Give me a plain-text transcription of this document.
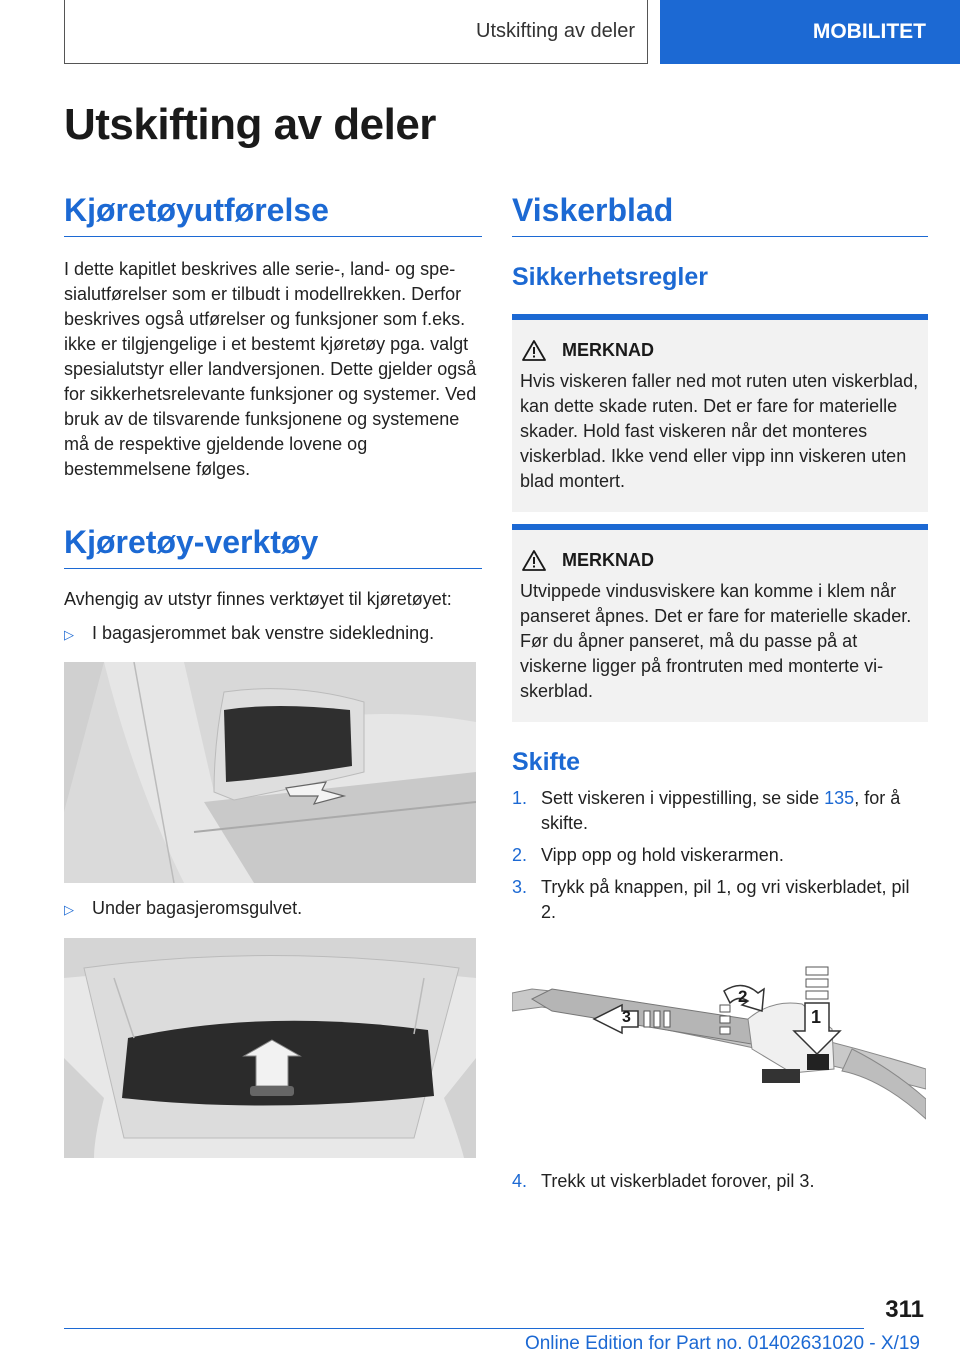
Utskifting av deler	MOBILITET
Utskifting av deler
Kjøretøyutførelse

I dette kapitlet beskrives alle serie-, land- og spesialutførelser som er tilbudt i modellrekken. Derfor beskrives også utførelser og funksjoner som f.eks. ikke er tilgjengelige i et bestemt kjøretøy pga. valgt spesialutstyr eller landversjonen. Dette gjelder også for sikkerhetsrelevante funksjoner og systemer. Ved bruk av de tilsvarende funksjonene og systemene må de respektive gjeldende lovene og bestemmelsene følges.

Kjøretøy-verktøy

Avhengig av utstyr finnes verktøyet til kjøretøyet:

▷	I bagasjerommet bak venstre sidekledning.
▷	Under bagasjeromsgulvet.
Viskerblad
Sikkerhetsregler
MERKNAD

Hvis viskeren faller ned mot ruten uten viskerblad, kan dette skade ruten. Det er fare for materielle skader. Hold fast viskeren når det monteres viskerblad. Ikke vend eller vipp inn viskeren uten blad montert.

MERKNAD

Utvippede vindusviskere kan komme i klem når panseret åpnes. Det er fare for materielle skader. Før du åpner panseret, må du passe på at viskerne ligger på frontruten med monterte viskerblad.

Skifte
1. Sett viskeren i vippestilling, se side 135, for å skifte.
2. Vipp opp og hold viskerarmen.
3. Trykk på knappen, pil 1, og vri viskerbladet, pil 2.
1
2
3
4. Trekk ut viskerbladet forover, pil 3.
311
Online Edition for Part no. 01402631020 - X/19
